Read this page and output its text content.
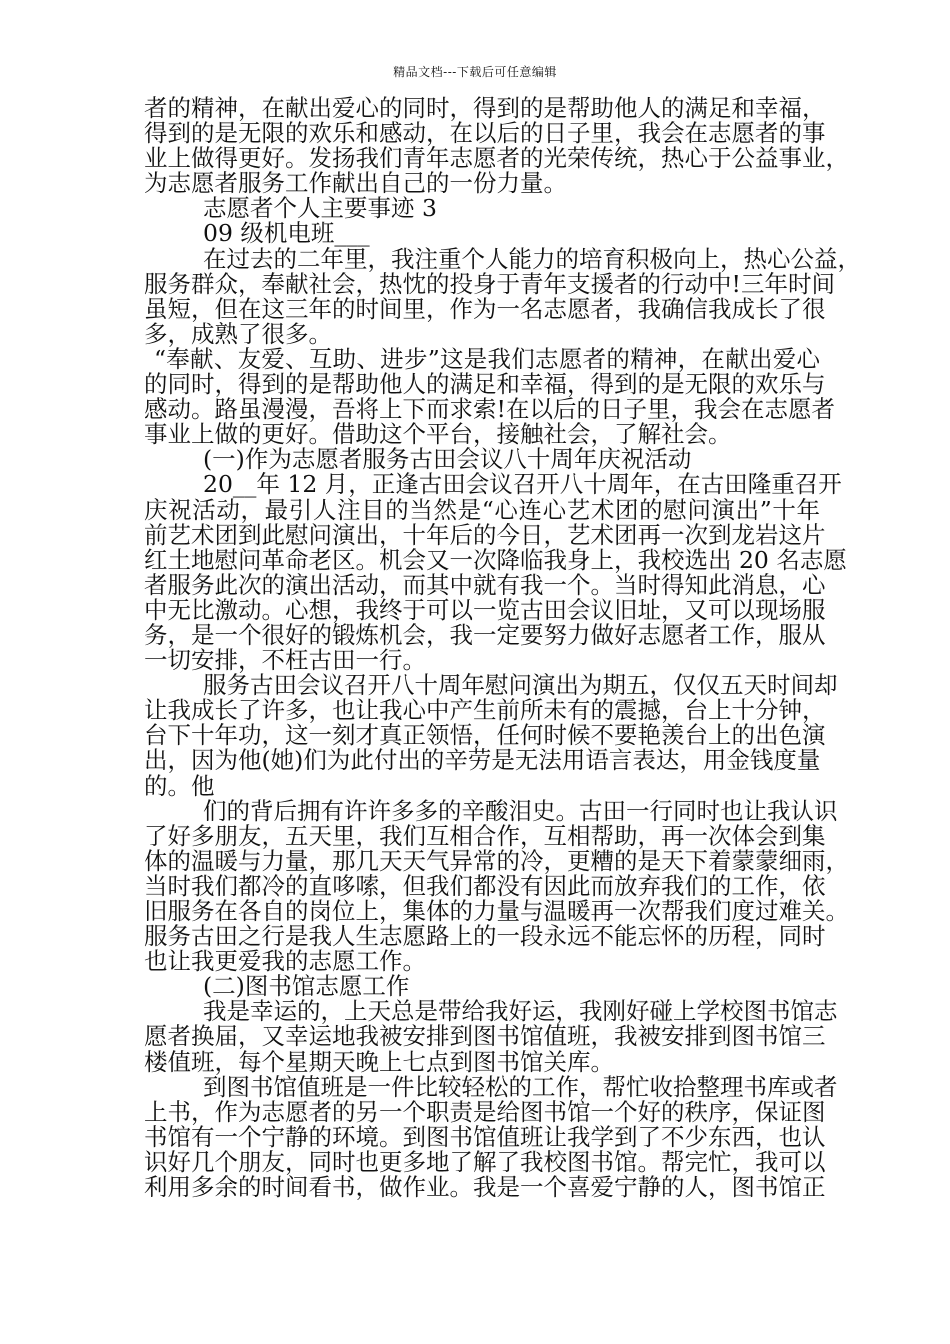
精品文档---下载后可任意编辑
者的精神，在献出爱心的同时，得到的是帮助他人的满足和幸福，
得到的是无限的欢乐和感动，在以后的日子里，我会在志愿者的事
业上做得更好。发扬我们青年志愿者的光荣传统，热心于公益事业，
为志愿者服务工作献出自己的一份力量。
志愿者个人主要事迹 3
09 级机电班___
在过去的二年里，我注重个人能力的培育积极向上，热心公益，
服务群众，奉献社会，热忱的投身于青年支援者的行动中!三年时间
虽短，但在这三年的时间里，作为一名志愿者，我确信我成长了很
多，成熟了很多。
“奉献、友爱、互助、进步”这是我们志愿者的精神，在献出爱心
的同时，得到的是帮助他人的满足和幸福，得到的是无限的欢乐与
感动。路虽漫漫，吾将上下而求索!在以后的日子里，我会在志愿者
事业上做的更好。借助这个平台，接触社会，了解社会。
(一)作为志愿者服务古田会议八十周年庆祝活动
20__年 12 月，正逢古田会议召开八十周年，在古田隆重召开
庆祝活动，最引人注目的当然是“心连心艺术团的慰问演出”十年
前艺术团到此慰问演出，十年后的今日，艺术团再一次到龙岩这片
红土地慰问革命老区。机会又一次降临我身上，我校选出 20 名志愿
者服务此次的演出活动，而其中就有我一个。当时得知此消息，心
中无比激动。心想，我终于可以一览古田会议旧址，又可以现场服
务，是一个很好的锻炼机会，我一定要努力做好志愿者工作，服从
一切安排，不枉古田一行。
服务古田会议召开八十周年慰问演出为期五，仅仅五天时间却
让我成长了许多，也让我心中产生前所未有的震撼，台上十分钟，
台下十年功，这一刻才真正领悟，任何时候不要艳羡台上的出色演
出，因为他(她)们为此付出的辛劳是无法用语言表达，用金钱度量
的。他
们的背后拥有许许多多的辛酸泪史。古田一行同时也让我认识
了好多朋友，五天里，我们互相合作，互相帮助，再一次体会到集
体的温暖与力量，那几天天气异常的冷，更糟的是天下着蒙蒙细雨，
当时我们都冷的直哆嗦，但我们都没有因此而放弃我们的工作，依
旧服务在各自的岗位上，集体的力量与温暖再一次帮我们度过难关。
服务古田之行是我人生志愿路上的一段永远不能忘怀的历程，同时
也让我更爱我的志愿工作。
(二)图书馆志愿工作
我是幸运的，上天总是带给我好运，我刚好碰上学校图书馆志
愿者换届，又幸运地我被安排到图书馆值班，我被安排到图书馆三
楼值班，每个星期天晚上七点到图书馆关库。
到图书馆值班是一件比较轻松的工作，帮忙收拾整理书库或者
上书，作为志愿者的另一个职责是给图书馆一个好的秩序，保证图
书馆有一个宁静的环境。到图书馆值班让我学到了不少东西，也认
识好几个朋友，同时也更多地了解了我校图书馆。帮完忙，我可以
利用多余的时间看书，做作业。我是一个喜爱宁静的人，图书馆正
